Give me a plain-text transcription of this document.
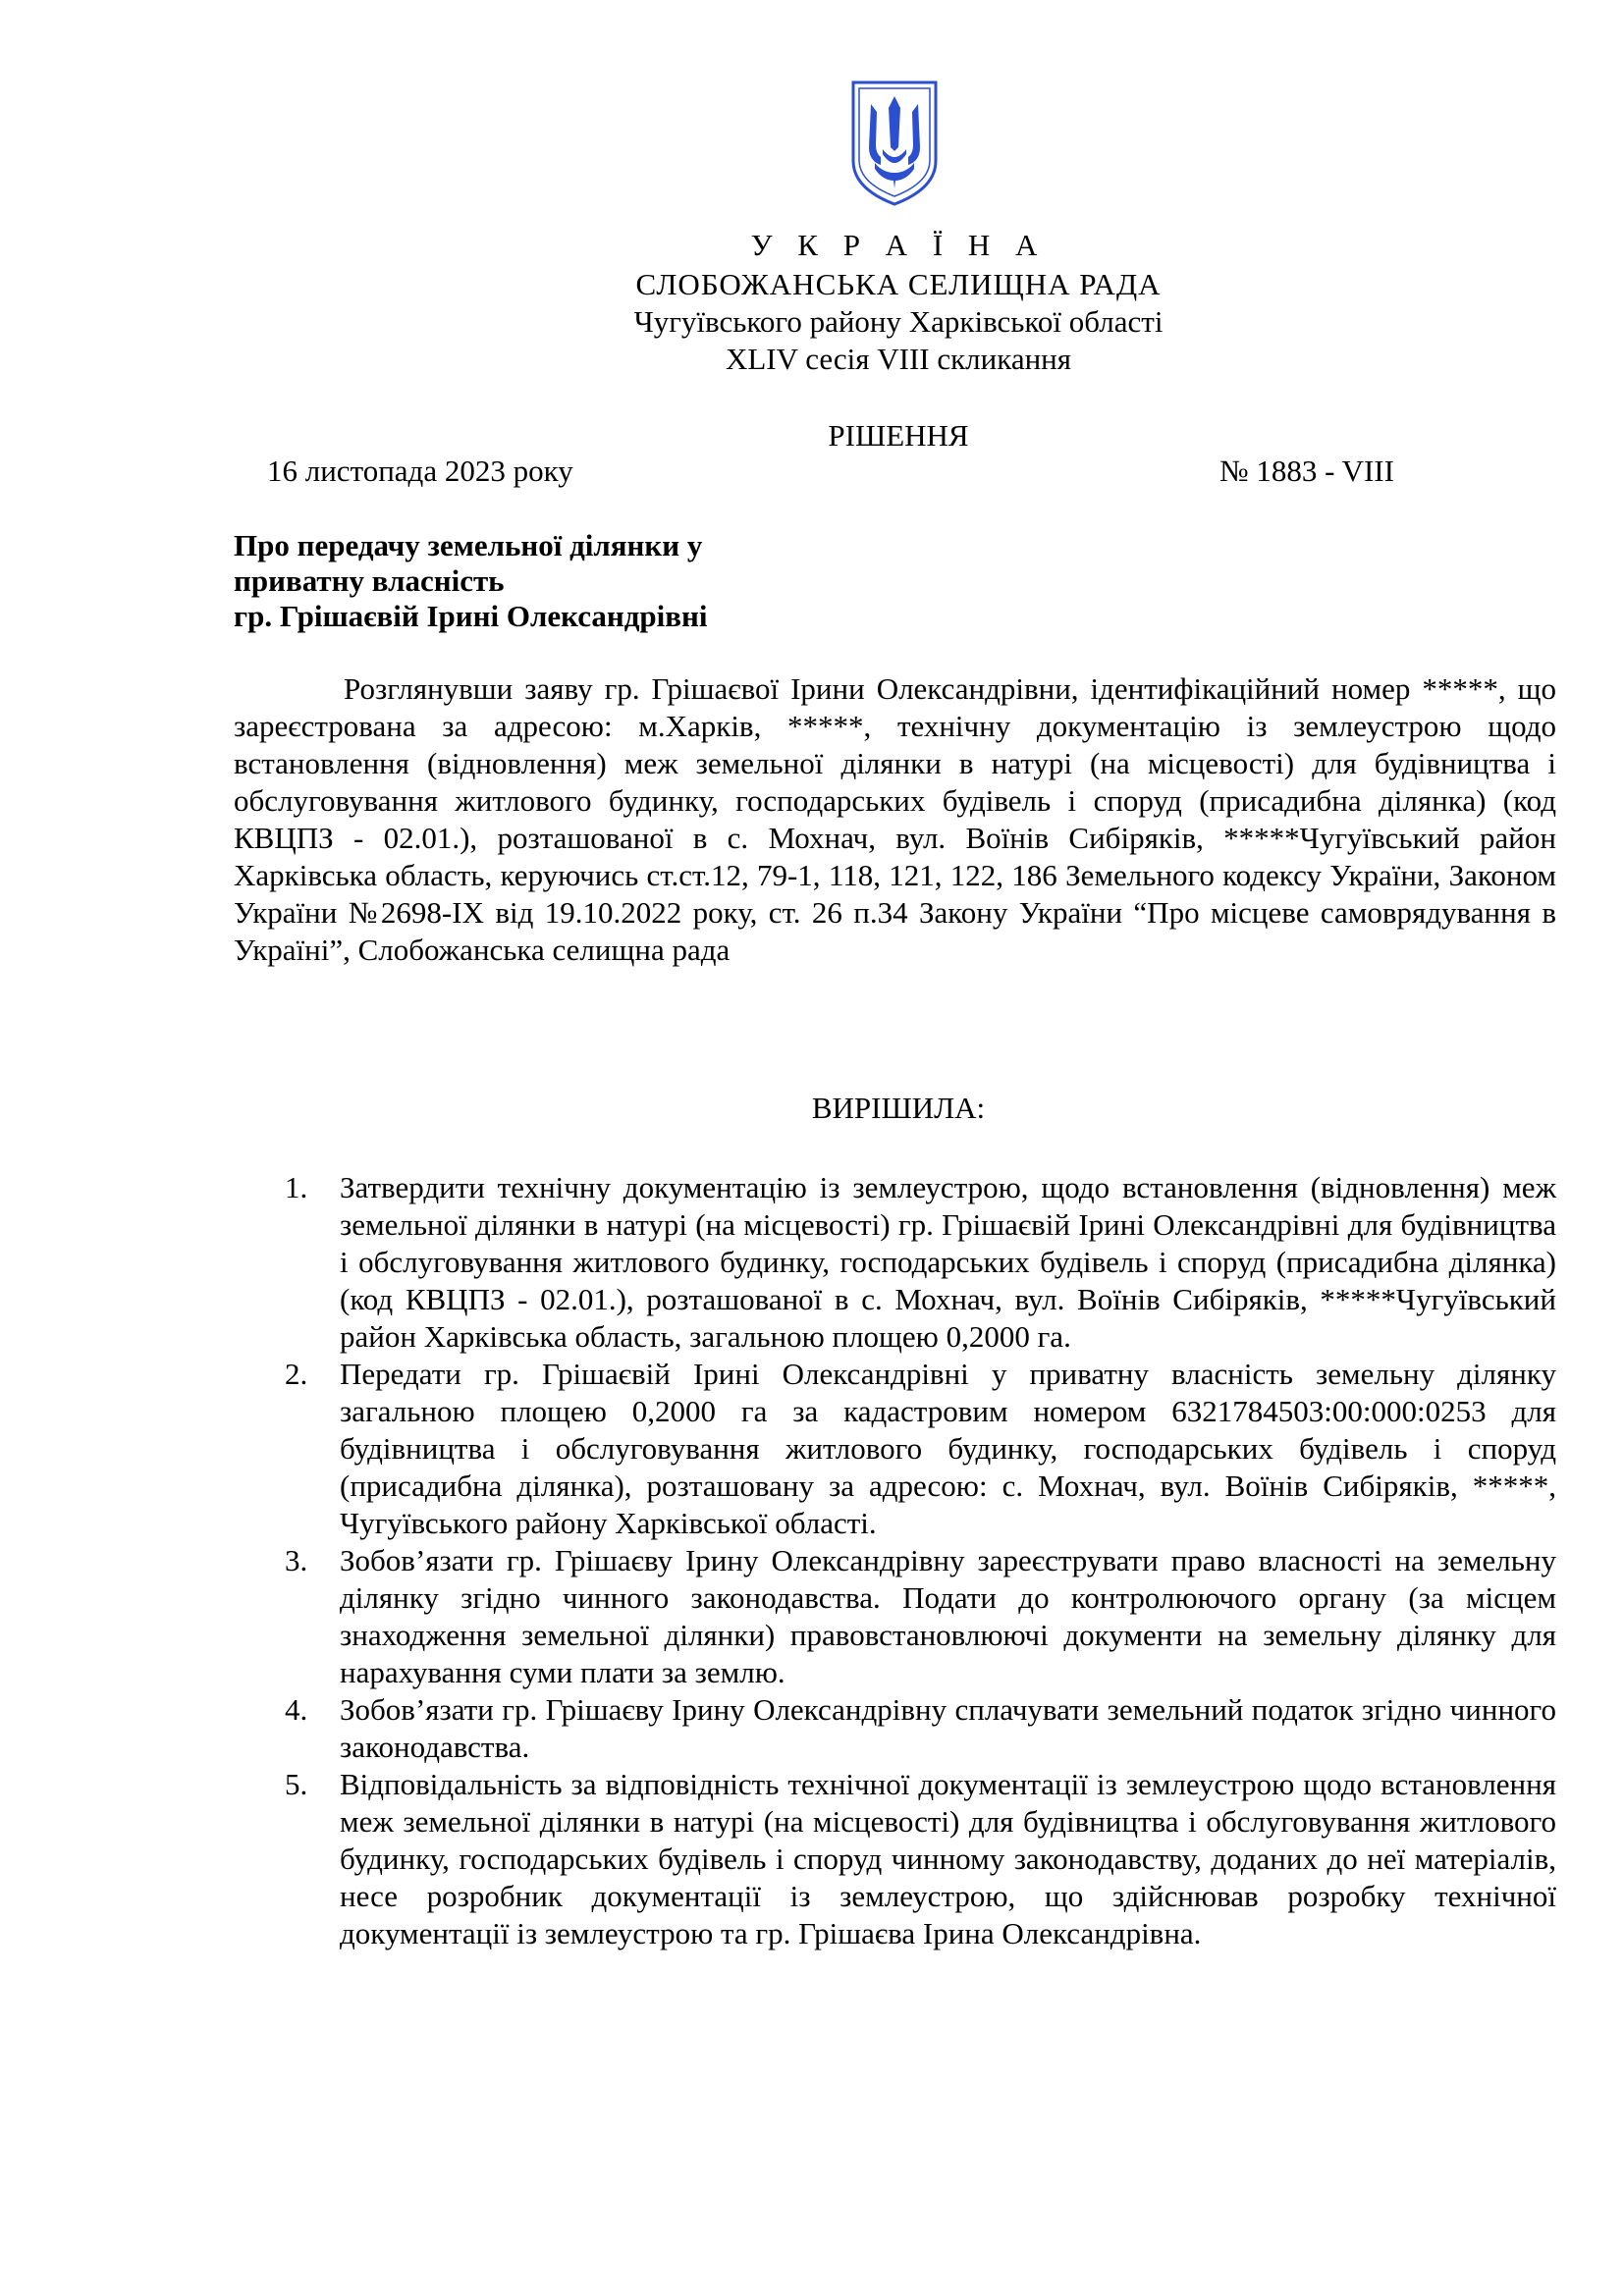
У К Р А Ї Н А
СЛОБОЖАНСЬКА СЕЛИЩНА РАДА
Чугуївського району Харківської області
XLIV сесія VIII скликання
РІШЕННЯ
16 листопада 2023 року	№ 1883 - VIII
Про передачу земельної ділянки у
приватну власність
гр. Грішаєвій Ірині Олександрівні
Розглянувши заяву гр. Грішаєвої Ірини Олександрівни, ідентифікаційний номер *****, що зареєстрована за адресою: м.Харків, *****, технічну документацію із землеустрою щодо встановлення (відновлення) меж земельної ділянки в натурі (на місцевості) для будівництва і обслуговування житлового будинку, господарських будівель і споруд (присадибна ділянка) (код КВЦПЗ - 02.01.), розташованої в с. Мохнач, вул. Воїнів Сибіряків, *****Чугуївський район Харківська область, керуючись ст.ст.12, 79-1, 118, 121, 122, 186 Земельного кодексу України, Законом України №2698-IX від 19.10.2022 року, ст. 26 п.34 Закону України “Про місцеве самоврядування в Україні”, Слобожанська селищна рада
ВИРІШИЛА:
1. Затвердити технічну документацію із землеустрою, щодо встановлення (відновлення) меж земельної ділянки в натурі (на місцевості) гр. Грішаєвій Ірині Олександрівні для будівництва і обслуговування житлового будинку, господарських будівель і споруд (присадибна ділянка) (код КВЦПЗ - 02.01.), розташованої в с. Мохнач, вул. Воїнів Сибіряків, *****Чугуївський район Харківська область, загальною площею 0,2000 га.
2. Передати гр. Грішаєвій Ірині Олександрівні у приватну власність земельну ділянку загальною площею 0,2000 га за кадастровим номером 6321784503:00:000:0253 для будівництва і обслуговування житлового будинку, господарських будівель і споруд (присадибна ділянка), розташовану за адресою: с. Мохнач, вул. Воїнів Сибіряків, *****, Чугуївського району Харківської області.
3. Зобов’язати гр. Грішаєву Ірину Олександрівну зареєструвати право власності на земельну ділянку згідно чинного законодавства. Подати до контролюючого органу (за місцем знаходження земельної ділянки) правовстановлюючі документи на земельну ділянку для нарахування суми плати за землю.
4. Зобов’язати гр. Грішаєву Ірину Олександрівну сплачувати земельний податок згідно чинного законодавства.
5. Відповідальність за відповідність технічної документації із землеустрою щодо встановлення меж земельної ділянки в натурі (на місцевості) для будівництва і обслуговування житлового будинку, господарських будівель і споруд чинному законодавству, доданих до неї матеріалів, несе розробник документації із землеустрою, що здійснював розробку технічної документації із землеустрою та гр. Грішаєва Ірина Олександрівна.
